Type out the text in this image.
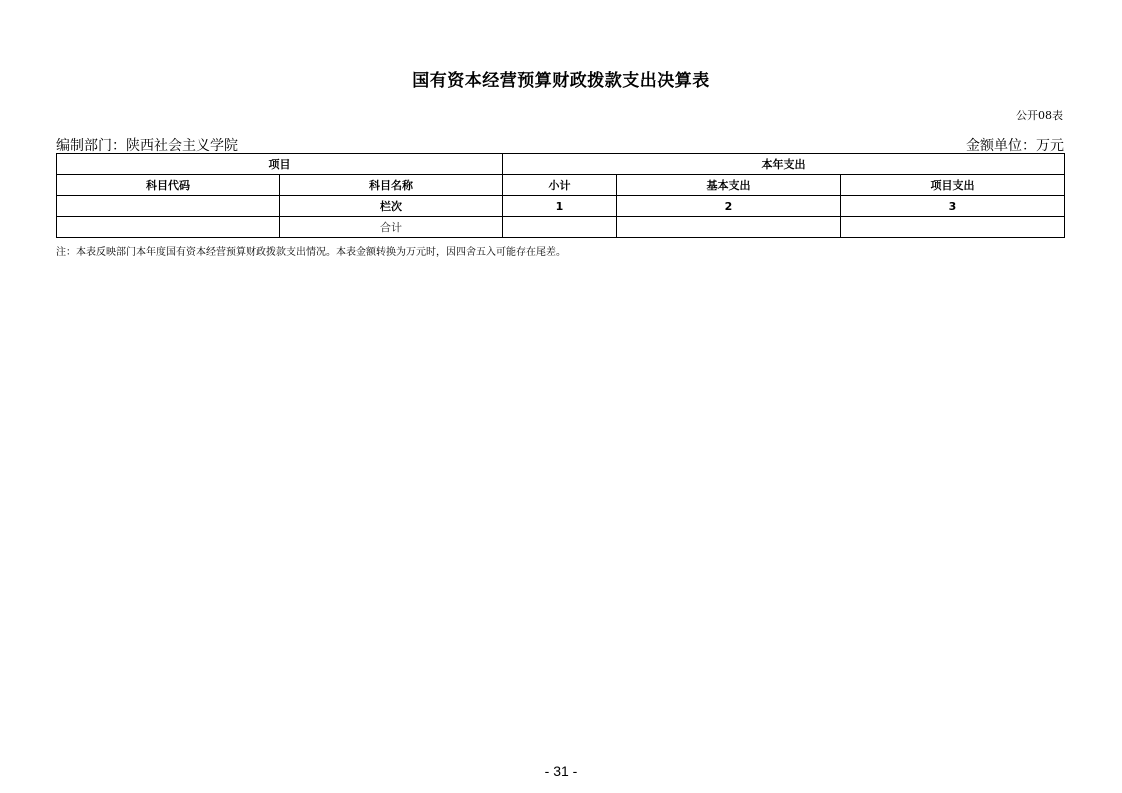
国有资本经营预算财政拨款支出决算表
公开08表
编制部门：陕西社会主义学院	金额单位：万元
项目		本年支出		
科目代码	科目名称	小计	基本支出	项目支出
	栏次	1	2	3
	合计			
注：本表反映部门本年度国有资本经营预算财政拨款支出情况。本表金额转换为万元时，因四舍五入可能存在尾差。
- 31 -
